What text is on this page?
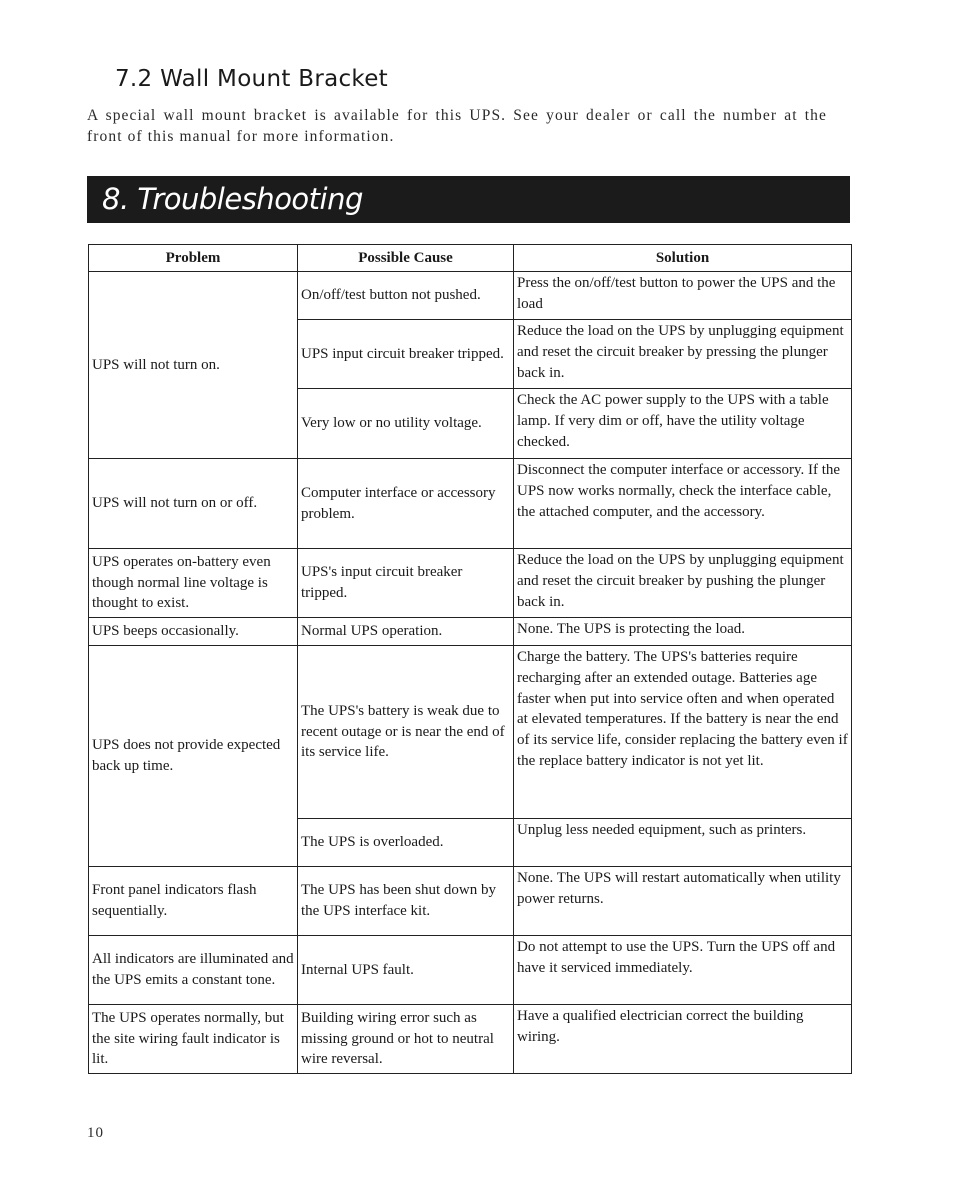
7.2 Wall Mount Bracket

A special wall mount bracket is available for this UPS. See your dealer or call the number at the front of this manual for more information.

8. Troubleshooting
Problem	Possible Cause	Solution
UPS will not turn on.	On/off/test button not pushed.	Press the on/off/test button to power the UPS and the load
	UPS input circuit breaker tripped.	Reduce the load on the UPS by unplugging equipment and reset the circuit breaker by pressing the plunger back in.
	Very low or no utility voltage.	Check the AC power supply to the UPS with a table lamp. If very dim or off, have the utility voltage checked.
UPS will not turn on or off.	Computer interface or accessory problem.	Disconnect the computer interface or accessory. If the UPS now works normally, check the interface cable, the attached computer, and the accessory.
UPS operates on-battery even though normal line voltage is thought to exist.	UPS's input circuit breaker tripped.	Reduce the load on the UPS by unplugging equipment and reset the circuit breaker by pushing the plunger back in.
UPS beeps occasionally.	Normal UPS operation.	None. The UPS is protecting the load.
UPS does not provide expected back up time.	The UPS's battery is weak due to recent outage or is near the end of its service life.	Charge the battery. The UPS's batteries require recharging after an extended outage. Batteries age faster when put into service often and when operated at elevated temperatures. If the battery is near the end of its service life, consider replacing the battery even if the replace battery indicator is not yet lit.
	The UPS is overloaded.	Unplug less needed equipment, such as printers.
Front panel indicators flash sequentially.	The UPS has been shut down by the UPS interface kit.	None. The UPS will restart automatically when utility power returns.
All indicators are illuminated and the UPS emits a constant tone.	Internal UPS fault.	Do not attempt to use the UPS. Turn the UPS off and have it serviced immediately.
The UPS operates normally, but the site wiring fault indicator is lit.	Building wiring error such as missing ground or hot to neutral wire reversal.	Have a qualified electrician correct the building wiring.
10
